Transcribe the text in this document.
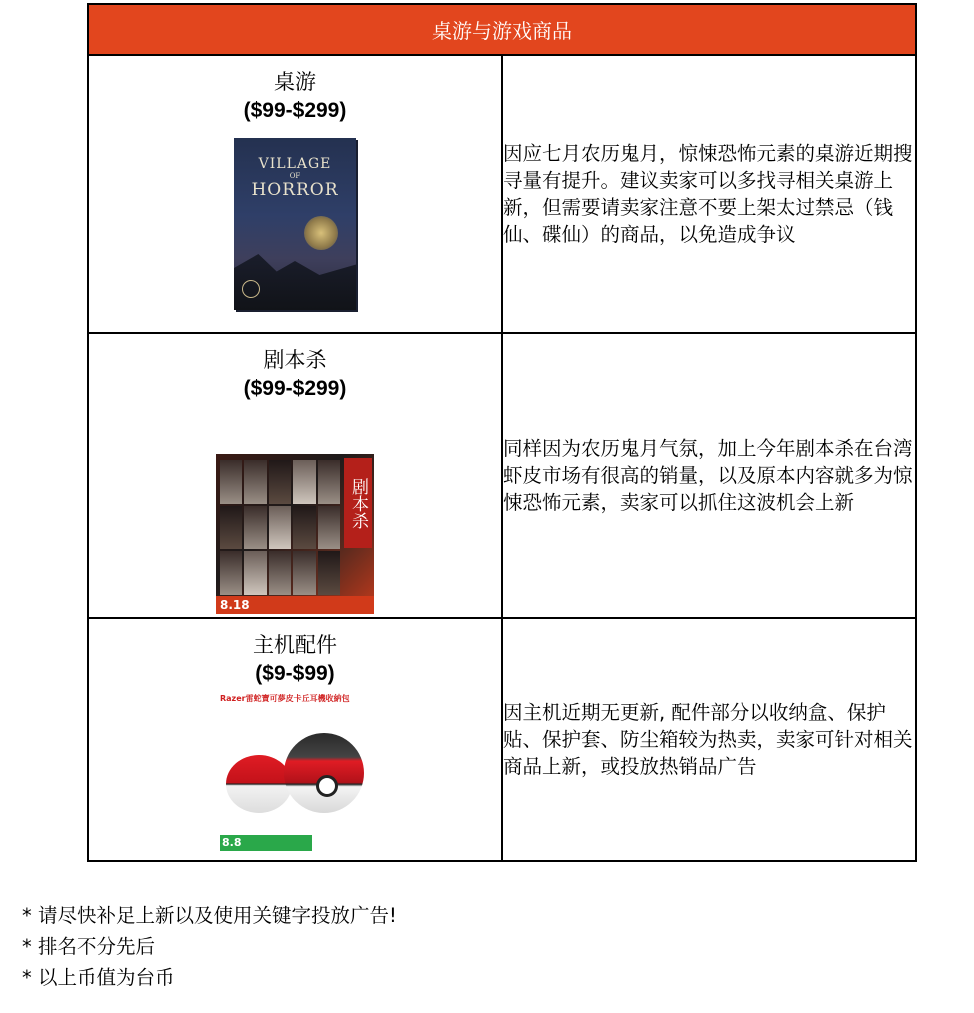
桌游与游戏商品	

桌游
($99-$299)
VILLAGE
OF
HORROR	因应七月农历鬼月，惊悚恐怖元素的桌游近期搜寻量有提升。建议卖家可以多找寻相关桌游上新，但需要请卖家注意不要上架太过禁忌（钱仙、碟仙）的商品，以免造成争议

剧本杀
($99-$299)
剧本杀
8.18	同样因为农历鬼月气氛，加上今年剧本杀在台湾虾皮市场有很高的销量，以及原本内容就多为惊悚恐怖元素，卖家可以抓住这波机会上新

主机配件
($9-$99)
Razer雷蛇寶可夢皮卡丘耳機收納包
8.8	因主机近期无更新, 配件部分以收纳盒、保护贴、保护套、防尘箱较为热卖，卖家可针对相关商品上新，或投放热销品广告
* 请尽快补足上新以及使用关键字投放广告!
* 排名不分先后
* 以上币值为台币
